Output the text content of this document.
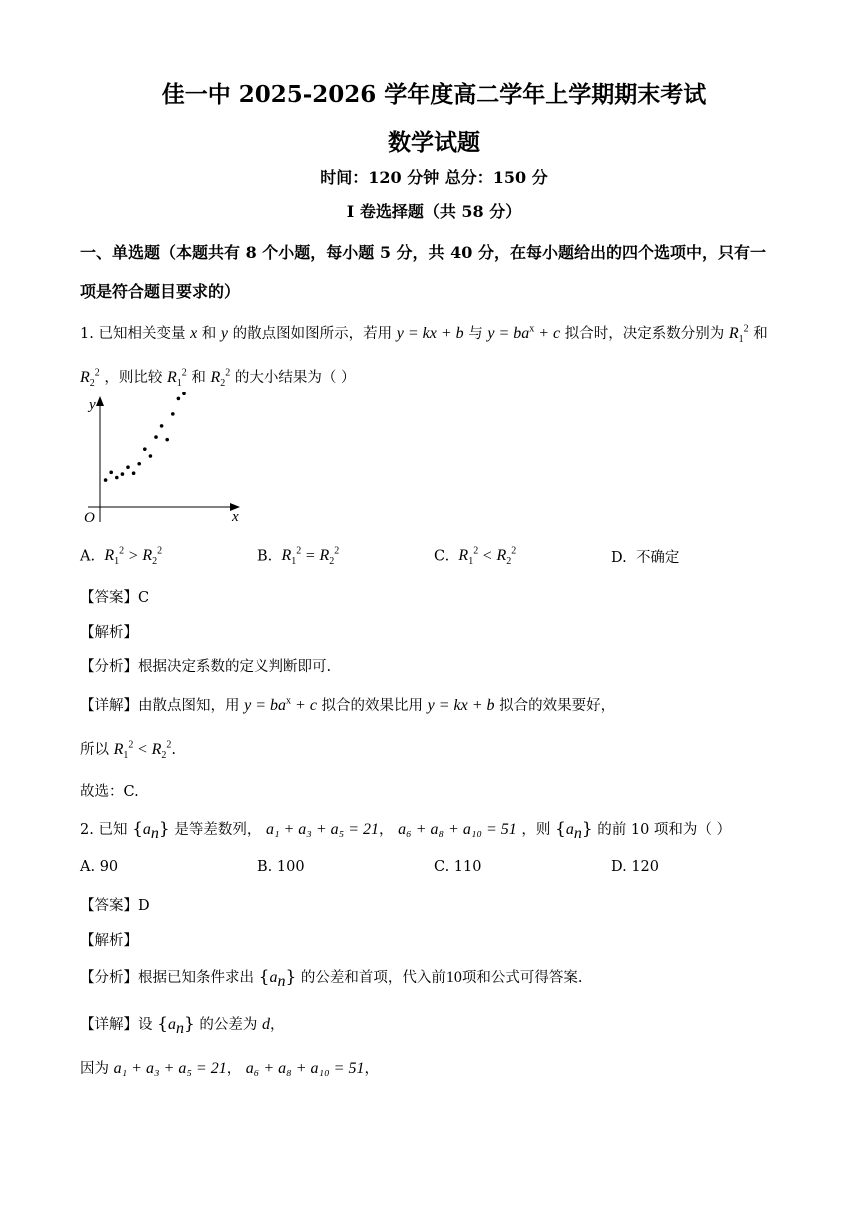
佳一中 2025-2026 学年度高二学年上学期期末考试
数学试题
时间：120 分钟 总分：150 分
I 卷选择题（共 58 分）
一、单选题（本题共有 8 个小题，每小题 5 分，共 40 分，在每小题给出的四个选项中，只有一
项是符合题目要求的）
1. 已知相关变量 x 和 y 的散点图如图所示，若用 y = kx + b 与 $y = ba^x + c$ 拟合时，决定系数分别为 $R_1^2$ 和
$R_2^2$ ，则比较 $R_1^2$ 和 $R_2^2$ 的大小结果为（ ）
y
x
O
A. $R_1^2 > R_2^2$	B. $R_1^2 = R_2^2$	C. $R_1^2 < R_2^2$	D. 不确定
【答案】C
【解析】
【分析】根据决定系数的定义判断即可.
【详解】由散点图知，用 $y = ba^x + c$ 拟合的效果比用 y = kx + b 拟合的效果要好，
所以 $R_1^2 < R_2^2$.
故选：C.
2. 已知 $\{a_n\}$ 是等差数列， a₁ + a₃ + a₅ = 21， a₆ + a₈ + a₁₀ = 51 ，则 $\{a_n\}$ 的前 10 项和为（ ）
A. 90	B. 100	C. 110	D. 120
【答案】D
【解析】
【分析】根据已知条件求出 $\{a_n\}$ 的公差和首项，代入前10项和公式可得答案.
【详解】设 $\{a_n\}$ 的公差为 d，
因为 a₁ + a₃ + a₅ = 21， a₆ + a₈ + a₁₀ = 51，
